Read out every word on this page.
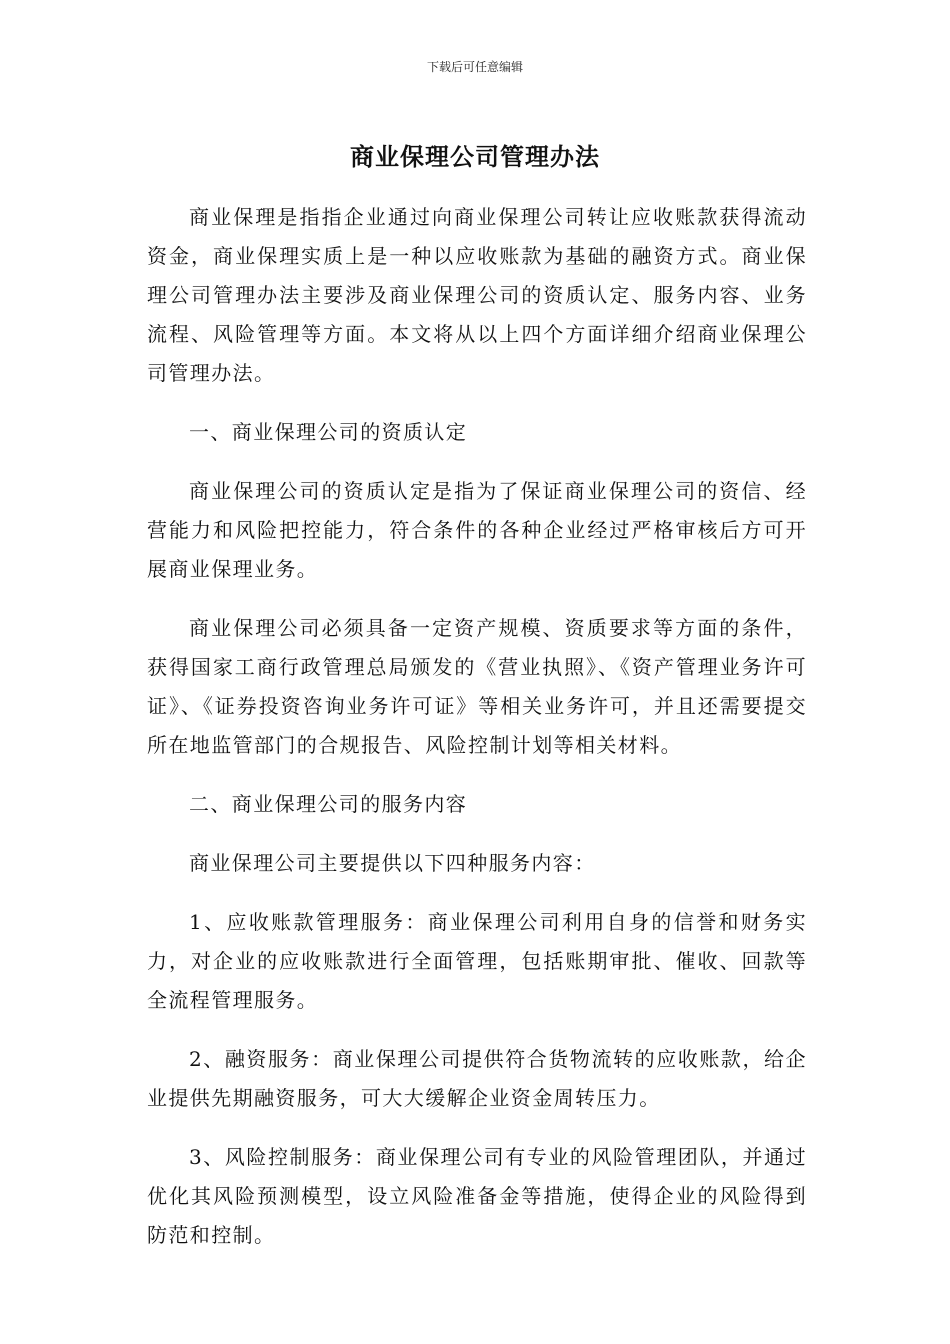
下载后可任意编辑
商业保理公司管理办法

商业保理是指指企业通过向商业保理公司转让应收账款获得流动资金，商业保理实质上是一种以应收账款为基础的融资方式。商业保理公司管理办法主要涉及商业保理公司的资质认定、服务内容、业务流程、风险管理等方面。本文将从以上四个方面详细介绍商业保理公司管理办法。

一、商业保理公司的资质认定

商业保理公司的资质认定是指为了保证商业保理公司的资信、经营能力和风险把控能力，符合条件的各种企业经过严格审核后方可开展商业保理业务。

商业保理公司必须具备一定资产规模、资质要求等方面的条件，获得国家工商行政管理总局颁发的《营业执照》、《资产管理业务许可证》、《证券投资咨询业务许可证》等相关业务许可，并且还需要提交所在地监管部门的合规报告、风险控制计划等相关材料。

二、商业保理公司的服务内容

商业保理公司主要提供以下四种服务内容：

1、应收账款管理服务：商业保理公司利用自身的信誉和财务实力，对企业的应收账款进行全面管理，包括账期审批、催收、回款等全流程管理服务。

2、融资服务：商业保理公司提供符合货物流转的应收账款，给企业提供先期融资服务，可大大缓解企业资金周转压力。

3、风险控制服务：商业保理公司有专业的风险管理团队，并通过优化其风险预测模型，设立风险准备金等措施，使得企业的风险得到防范和控制。
